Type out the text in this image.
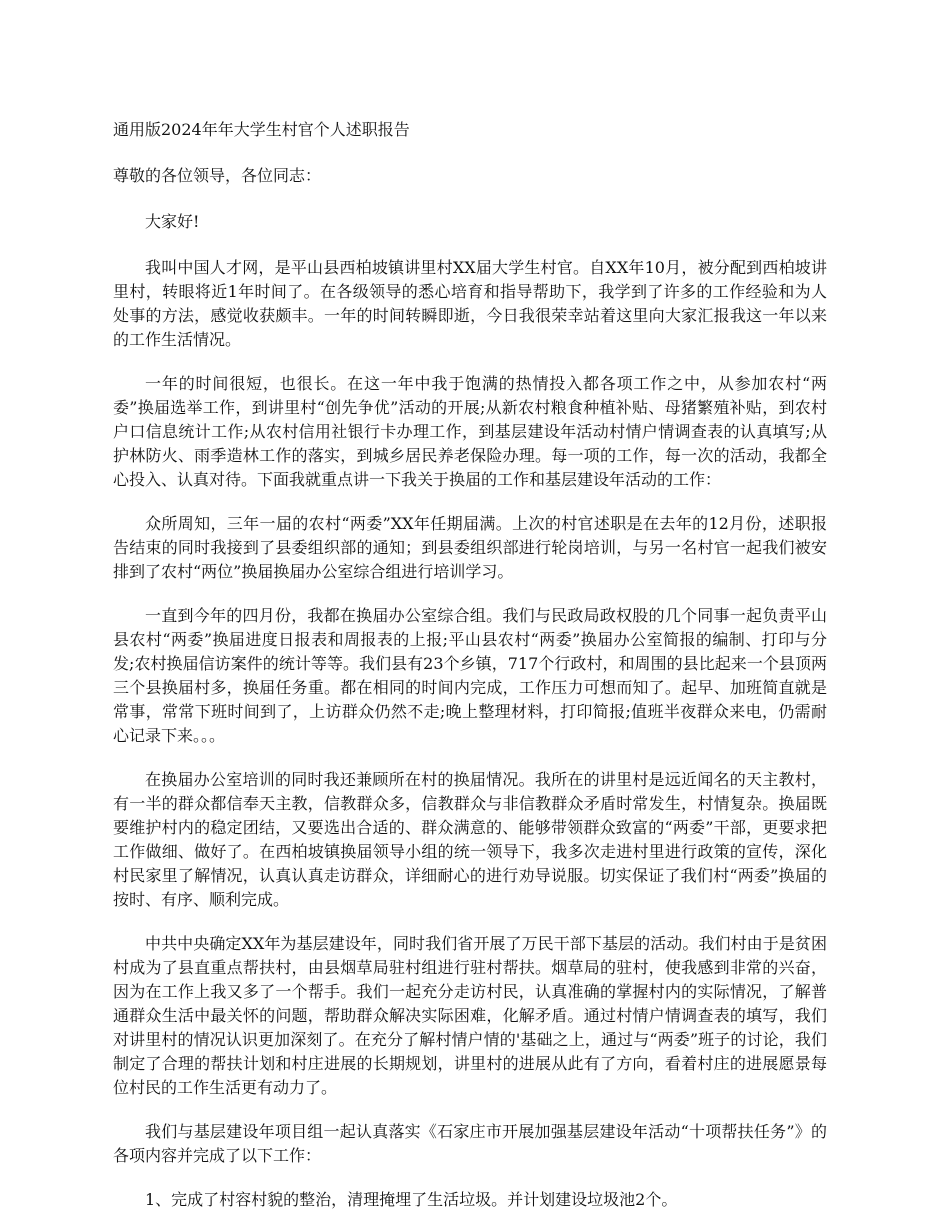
通用版2024年年大学生村官个人述职报告

尊敬的各位领导，各位同志：

大家好!

我叫中国人才网，是平山县西柏坡镇讲里村XX届大学生村官。自XX年10月，被分配到西柏坡讲里村，转眼将近1年时间了。在各级领导的悉心培育和指导帮助下，我学到了许多的工作经验和为人处事的方法，感觉收获颇丰。一年的时间转瞬即逝，今日我很荣幸站着这里向大家汇报我这一年以来的工作生活情况。

一年的时间很短，也很长。在这一年中我于饱满的热情投入都各项工作之中，从参加农村“两委”换届选举工作，到讲里村“创先争优”活动的开展;从新农村粮食种植补贴、母猪繁殖补贴，到农村户口信息统计工作;从农村信用社银行卡办理工作，到基层建设年活动村情户情调查表的认真填写;从护林防火、雨季造林工作的落实，到城乡居民养老保险办理。每一项的工作，每一次的活动，我都全心投入、认真对待。下面我就重点讲一下我关于换届的工作和基层建设年活动的工作：

众所周知，三年一届的农村“两委”XX年任期届满。上次的村官述职是在去年的12月份，述职报告结束的同时我接到了县委组织部的通知；到县委组织部进行轮岗培训，与另一名村官一起我们被安排到了农村“两位”换届换届办公室综合组进行培训学习。

一直到今年的四月份，我都在换届办公室综合组。我们与民政局政权股的几个同事一起负责平山县农村“两委”换届进度日报表和周报表的上报;平山县农村“两委”换届办公室简报的编制、打印与分发;农村换届信访案件的统计等等。我们县有23个乡镇，717个行政村，和周围的县比起来一个县顶两三个县换届村多，换届任务重。都在相同的时间内完成，工作压力可想而知了。起早、加班简直就是常事，常常下班时间到了，上访群众仍然不走;晚上整理材料，打印简报;值班半夜群众来电，仍需耐心记录下来。。。

在换届办公室培训的同时我还兼顾所在村的换届情况。我所在的讲里村是远近闻名的天主教村，有一半的群众都信奉天主教，信教群众多，信教群众与非信教群众矛盾时常发生，村情复杂。换届既要维护村内的稳定团结，又要选出合适的、群众满意的、能够带领群众致富的“两委”干部，更要求把工作做细、做好了。在西柏坡镇换届领导小组的统一领导下，我多次走进村里进行政策的宣传，深化村民家里了解情况，认真认真走访群众，详细耐心的进行劝导说服。切实保证了我们村“两委”换届的按时、有序、顺利完成。

中共中央确定XX年为基层建设年，同时我们省开展了万民干部下基层的活动。我们村由于是贫困村成为了县直重点帮扶村，由县烟草局驻村组进行驻村帮扶。烟草局的驻村，使我感到非常的兴奋，因为在工作上我又多了一个帮手。我们一起充分走访村民，认真准确的掌握村内的实际情况，了解普通群众生活中最关怀的问题，帮助群众解决实际困难，化解矛盾。通过村情户情调查表的填写，我们对讲里村的情况认识更加深刻了。在充分了解村情户情的'基础之上，通过与“两委”班子的讨论，我们制定了合理的帮扶计划和村庄进展的长期规划，讲里村的进展从此有了方向，看着村庄的进展愿景每位村民的工作生活更有动力了。

我们与基层建设年项目组一起认真落实《石家庄市开展加强基层建设年活动“十项帮扶任务”》的各项内容并完成了以下工作：

1、完成了村容村貌的整治，清理掩埋了生活垃圾。并计划建设垃圾池2个。
